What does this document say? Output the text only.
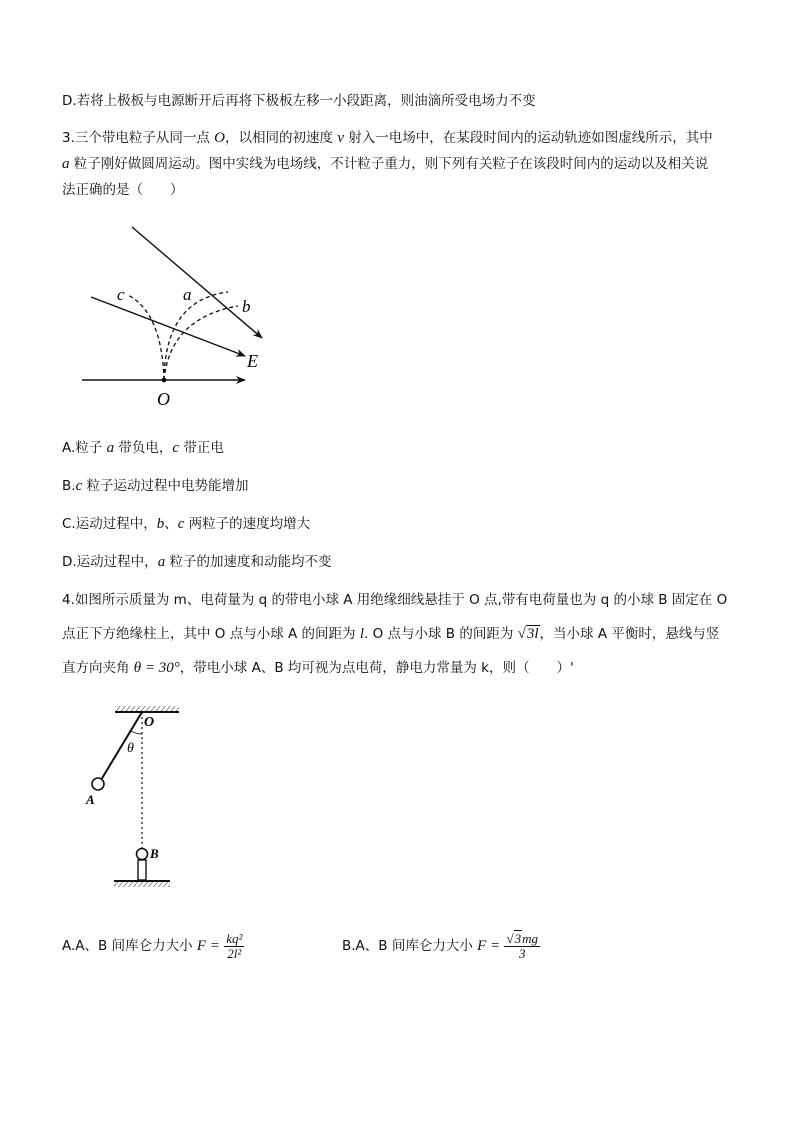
D.若将上极板与电源断开后再将下极板左移一小段距离，则油滴所受电场力不变
3.三个带电粒子从同一点 O，以相同的初速度 v 射入一电场中，在某段时间内的运动轨迹如图虚线所示，其中
a 粒子刚好做圆周运动。图中实线为电场线，不计粒子重力，则下列有关粒子在该段时间内的运动以及相关说
法正确的是（　　）
c	a
b
E
O
A.粒子 a 带负电，c 带正电
B.c 粒子运动过程中电势能增加
C.运动过程中，b、c 两粒子的速度均增大
D.运动过程中，a 粒子的加速度和动能均不变
4.如图所示质量为 m、电荷量为 q 的带电小球 A 用绝缘细线悬挂于 O 点,带有电荷量也为 q 的小球 B 固定在 O
点正下方绝缘柱上，其中 O 点与小球 A 的间距为 l. O 点与小球 B 的间距为 √3l，当小球 A 平衡时，悬线与竖
直方向夹角 θ = 30°，带电小球 A、B 均可视为点电荷，静电力常量为 k，则（　　）'
O
θ
A
B
A.A、B 间库仑力大小 $F = \frac{\text{kq²}}{\text{2l²}}$	B.A、B 间库仑力大小 $F = \frac{√3mg}{3}$
